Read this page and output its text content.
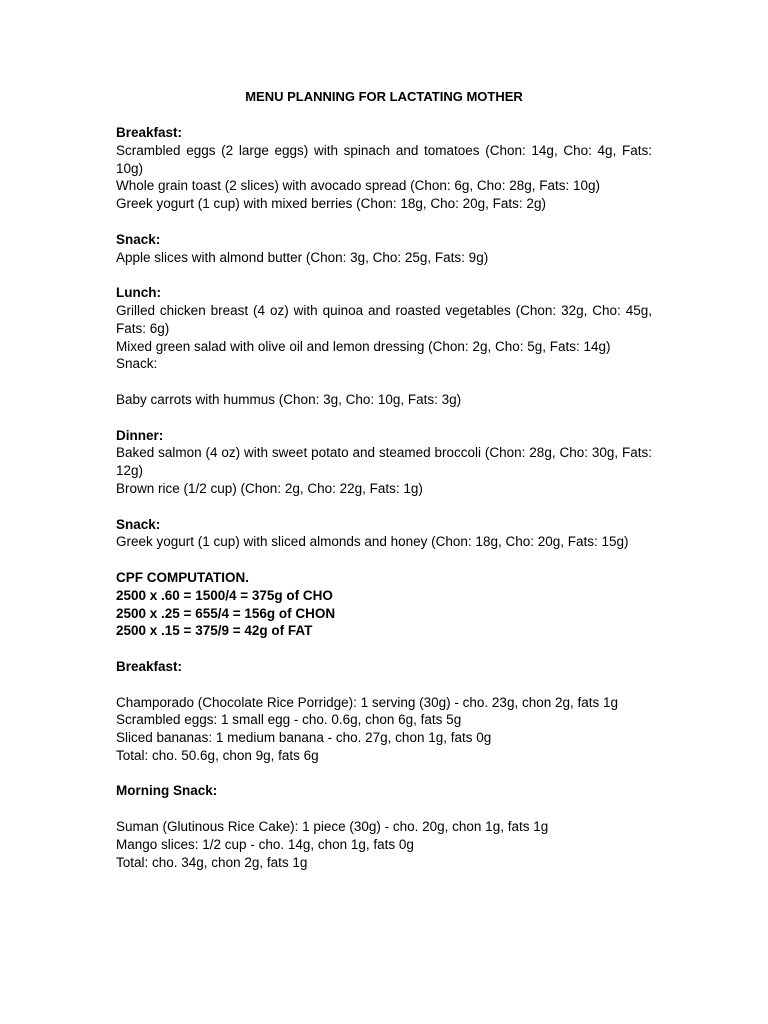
MENU PLANNING FOR LACTATING MOTHER
Breakfast:
Scrambled eggs (2 large eggs) with spinach and tomatoes (Chon: 14g, Cho: 4g, Fats: 10g)
Whole grain toast (2 slices) with avocado spread (Chon: 6g, Cho: 28g, Fats: 10g)
Greek yogurt (1 cup) with mixed berries (Chon: 18g, Cho: 20g, Fats: 2g)
Snack:
Apple slices with almond butter (Chon: 3g, Cho: 25g, Fats: 9g)
Lunch:
Grilled chicken breast (4 oz) with quinoa and roasted vegetables (Chon: 32g, Cho: 45g, Fats: 6g)
Mixed green salad with olive oil and lemon dressing (Chon: 2g, Cho: 5g, Fats: 14g)
Snack:
Baby carrots with hummus (Chon: 3g, Cho: 10g, Fats: 3g)
Dinner:
Baked salmon (4 oz) with sweet potato and steamed broccoli (Chon: 28g, Cho: 30g, Fats: 12g)
Brown rice (1/2 cup) (Chon: 2g, Cho: 22g, Fats: 1g)
Snack:
Greek yogurt (1 cup) with sliced almonds and honey (Chon: 18g, Cho: 20g, Fats: 15g)
CPF COMPUTATION.
2500 x .60 = 1500/4 = 375g of CHO
2500 x .25 = 655/4 = 156g of CHON
2500 x .15 = 375/9 = 42g of FAT
Breakfast:
Champorado (Chocolate Rice Porridge): 1 serving (30g) - cho. 23g, chon 2g, fats 1g
Scrambled eggs: 1 small egg - cho. 0.6g, chon 6g, fats 5g
Sliced bananas: 1 medium banana - cho. 27g, chon 1g, fats 0g
Total: cho. 50.6g, chon 9g, fats 6g
Morning Snack:
Suman (Glutinous Rice Cake): 1 piece (30g) - cho. 20g, chon 1g, fats 1g
Mango slices: 1/2 cup - cho. 14g, chon 1g, fats 0g
Total: cho. 34g, chon 2g, fats 1g
